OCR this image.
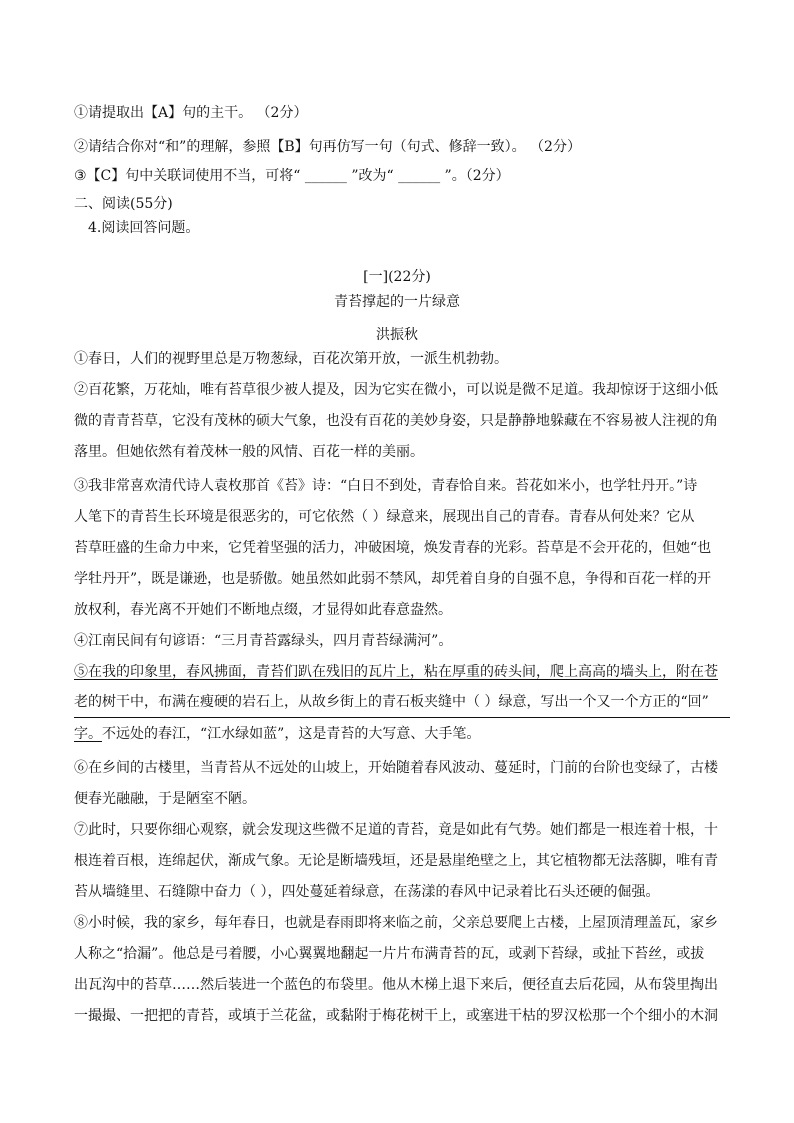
①请提取出【A】句的主干。 （2分）
②请结合你对“和”的理解，参照【B】句再仿写一句（句式、修辞一致）。 （2分）
③【C】句中关联词使用不当，可将“ ______ ”改为“ ______ ”。（2分）
二、阅读(55分)
4.阅读回答问题。
[一](22分)
青苔撑起的一片绿意
洪振秋
①春日，人们的视野里总是万物葱绿，百花次第开放，一派生机勃勃。
②百花繁，万花灿，唯有苔草很少被人提及，因为它实在微小，可以说是微不足道。我却惊讶于这细小低
微的青青苔草，它没有茂林的硕大气象，也没有百花的美妙身姿，只是静静地躲藏在不容易被人注视的角
落里。但她依然有着茂林一般的风情、百花一样的美丽。
③我非常喜欢清代诗人袁枚那首《苔》诗：“白日不到处，青春恰自来。苔花如米小，也学牡丹开。”诗
人笔下的青苔生长环境是很恶劣的，可它依然（ ）绿意来，展现出自己的青春。青春从何处来？它从
苔草旺盛的生命力中来，它凭着坚强的活力，冲破困境，焕发青春的光彩。苔草是不会开花的，但她“也
学牡丹开”，既是谦逊，也是骄傲。她虽然如此弱不禁风，却凭着自身的自强不息，争得和百花一样的开
放权利，春光离不开她们不断地点缀，才显得如此春意盎然。
④江南民间有句谚语：“三月青苔露绿头，四月青苔绿满河”。
⑤在我的印象里，春风拂面，青苔们趴在残旧的瓦片上，粘在厚重的砖头间，爬上高高的墙头上，附在苍
老的树干中，布满在瘦硬的岩石上，从故乡街上的青石板夹缝中（ ）绿意，写出一个又一个方正的“回”
字。不远处的春江，“江水绿如蓝”，这是青苔的大写意、大手笔。
⑥在乡间的古楼里，当青苔从不远处的山坡上，开始随着春风波动、蔓延时，门前的台阶也变绿了，古楼
便春光融融，于是陋室不陋。
⑦此时，只要你细心观察，就会发现这些微不足道的青苔，竟是如此有气势。她们都是一根连着十根，十
根连着百根，连绵起伏，渐成气象。无论是断墙残垣，还是悬崖绝壁之上，其它植物都无法落脚，唯有青
苔从墙缝里、石缝隙中奋力（ ），四处蔓延着绿意，在荡漾的春风中记录着比石头还硬的倔强。
⑧小时候，我的家乡，每年春日，也就是春雨即将来临之前，父亲总要爬上古楼，上屋顶清理盖瓦，家乡
人称之“拾漏”。他总是弓着腰，小心翼翼地翻起一片片布满青苔的瓦，或剥下苔绿，或扯下苔丝，或拔
出瓦沟中的苔草……然后装进一个蓝色的布袋里。他从木梯上退下来后，便径直去后花园，从布袋里掏出
一撮撮、一把把的青苔，或填于兰花盆，或黏附于梅花树干上，或塞进干枯的罗汉松那一个个细小的木洞
